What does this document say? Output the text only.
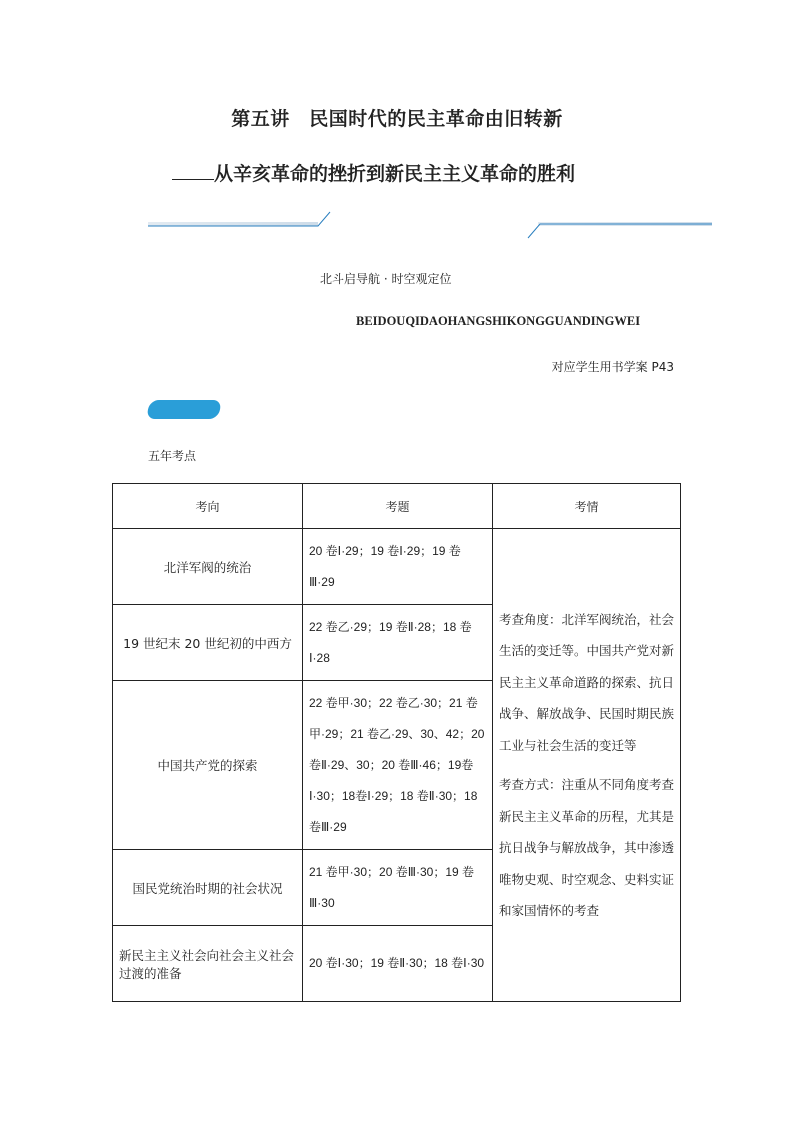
第五讲　民国时代的民主革命由旧转新
从辛亥革命的挫折到新民主主义革命的胜利
北斗启导航 · 时空观定位
BEIDOUQIDAOHANGSHIKONGGUANDINGWEI
对应学生用书学案 P43
五年考点
考向	考题	考情
北洋军阀的统治	20 卷Ⅰ·29；19 卷Ⅰ·29；19 卷Ⅲ·29	考查角度：北洋军阀统治，社会生活的变迁等。中国共产党对新民主主义革命道路的探索、抗日战争、解放战争、民国时期民族工业与社会生活的变迁等
考查方式：注重从不同角度考查新民主主义革命的历程，尤其是抗日战争与解放战争，其中渗透唯物史观、时空观念、史料实证和家国情怀的考查

19 世纪末 20 世纪初的中西方	22 卷乙·29；19 卷Ⅱ·28；18 卷Ⅰ·28	
中国共产党的探索	22 卷甲·30；22 卷乙·30；21 卷甲·29；21 卷乙·29、30、42；20 卷Ⅱ·29、30；20 卷Ⅲ·46；19卷Ⅰ·30；18卷Ⅰ·29；18 卷Ⅱ·30；18 卷Ⅲ·29	
国民党统治时期的社会状况	21 卷甲·30；20 卷Ⅲ·30；19 卷Ⅲ·30	
新民主主义社会向社会主义社会过渡的准备	20 卷Ⅰ·30；19 卷Ⅱ·30；18 卷Ⅰ·30	
